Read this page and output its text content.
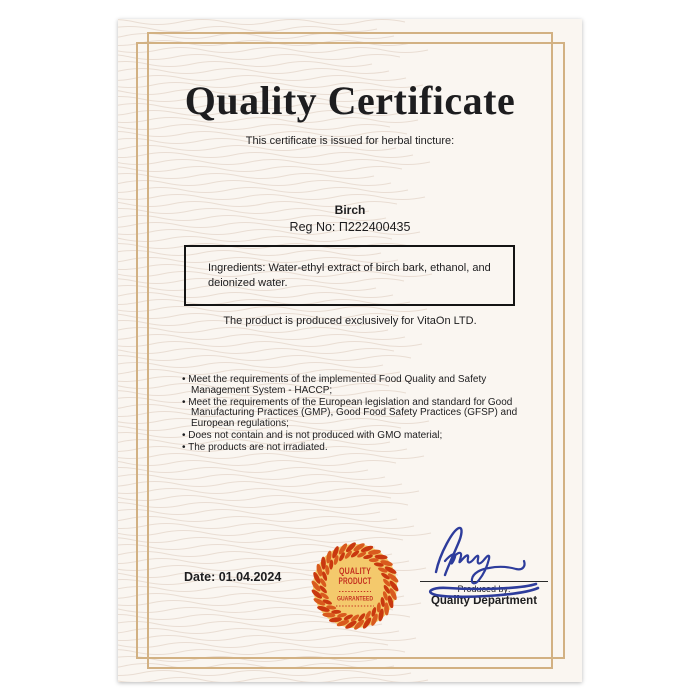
Quality Certificate

This certificate is issued for herbal tincture:

Birch

Reg No: П222400435

Ingredients: Water-ethyl extract of birch bark, ethanol, and deionized water.

The product is produced exclusively for VitaOn LTD.

• Meet the requirements of the implemented Food Quality and Safety Management System - HACCP;
• Meet the requirements of the European legislation and standard for Good Manufacturing Practices (GMP), Good Food Safety Practices (GFSP) and European regulations;
• Does not contain and is not produced with GMO material;
• The products are not irradiated.
Date: 01.04.2024	QUALITY
PRODUCT
GUARANTEED
Produced by:
Quality Department
